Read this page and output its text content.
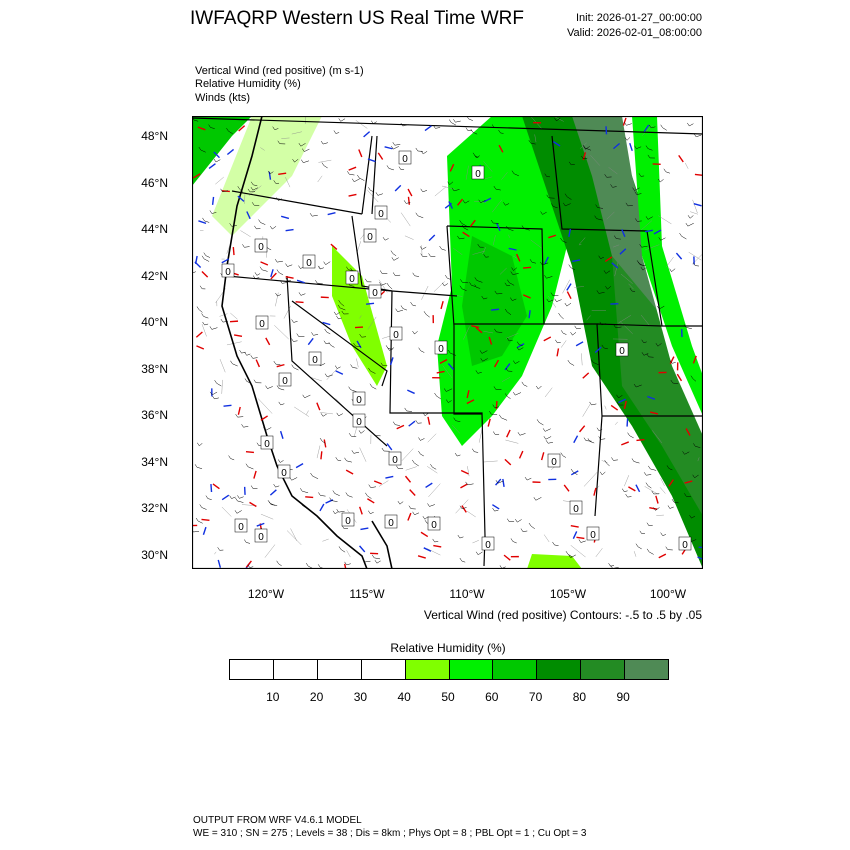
IWFAQRP Western US Real Time WRF	Init: 2026-01-27_00:00:00
Valid: 2026-02-01_08:00:00
Vertical Wind (red positive) (m s-1)
Relative Humidity (%)
Winds (kts)
0
0
0
0
0
0
0
0
0
0
0
0
0
0	0
0
0
0
0	0
0
0
0
0
0	0	0
0	0
0
48°N
46°N
44°N
42°N
40°N
38°N
36°N
34°N
32°N
30°N
120°W	115°W	110°W	105°W	100°W
Vertical Wind (red positive) Contours: -.5 to .5 by .05
Relative Humidity (%)
10	20	30	40	50	60	70	80	90
OUTPUT FROM WRF V4.6.1 MODEL
WE = 310 ; SN = 275 ; Levels = 38 ; Dis = 8km ; Phys Opt = 8 ; PBL Opt = 1 ; Cu Opt = 3
